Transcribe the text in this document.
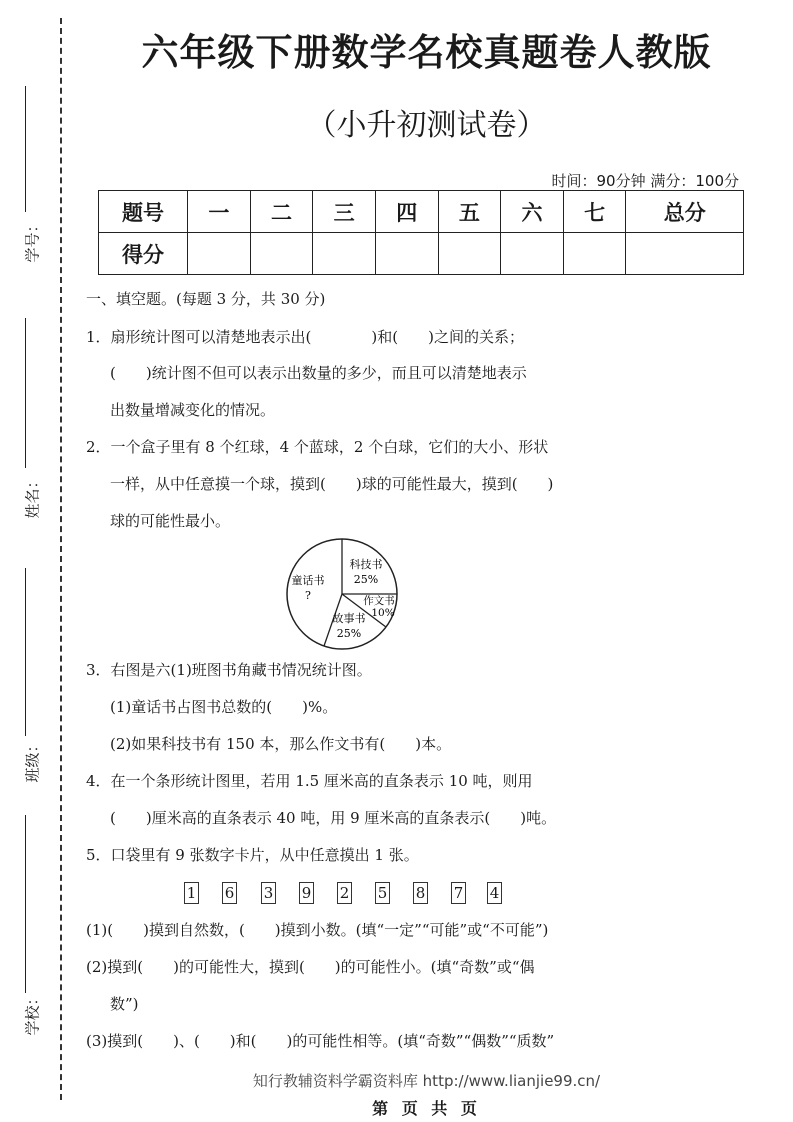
学号：
姓名：
班级：
学校：
六年级下册数学名校真题卷人教版
（小升初测试卷）
时间：90分钟 满分：100分
题号	一	二	三	四	五	六	七	总分
得分								
一、填空题。(每题 3 分，共 30 分)
1．扇形统计图可以清楚地表示出(　　　　)和(　　)之间的关系；
(　　)统计图不但可以表示出数量的多少，而且可以清楚地表示
出数量增减变化的情况。
2．一个盒子里有 8 个红球，4 个蓝球，2 个白球，它们的大小、形状
一样，从中任意摸一个球，摸到(　　)球的可能性最大，摸到(　　)
球的可能性最小。
童话书
?
科技书
25%
作文书
10%
故事书
25%
3．右图是六(1)班图书角藏书情况统计图。
(1)童话书占图书总数的(　　)%。
(2)如果科技书有 150 本，那么作文书有(　　)本。
4．在一个条形统计图里，若用 1.5 厘米高的直条表示 10 吨，则用
(　　)厘米高的直条表示 40 吨，用 9 厘米高的直条表示(　　)吨。
5．口袋里有 9 张数字卡片，从中任意摸出 1 张。
1 6 3 9 2 5 8 7 4
(1)(　　)摸到自然数，(　　)摸到小数。(填“一定”“可能”或“不可能”)
(2)摸到(　　)的可能性大，摸到(　　)的可能性小。(填“奇数”或“偶
数”)
(3)摸到(　　)、(　　)和(　　)的可能性相等。(填“奇数”“偶数”“质数”
知行教辅资料学霸资料库 http://www.lianjie99.cn/
第 页 共 页
